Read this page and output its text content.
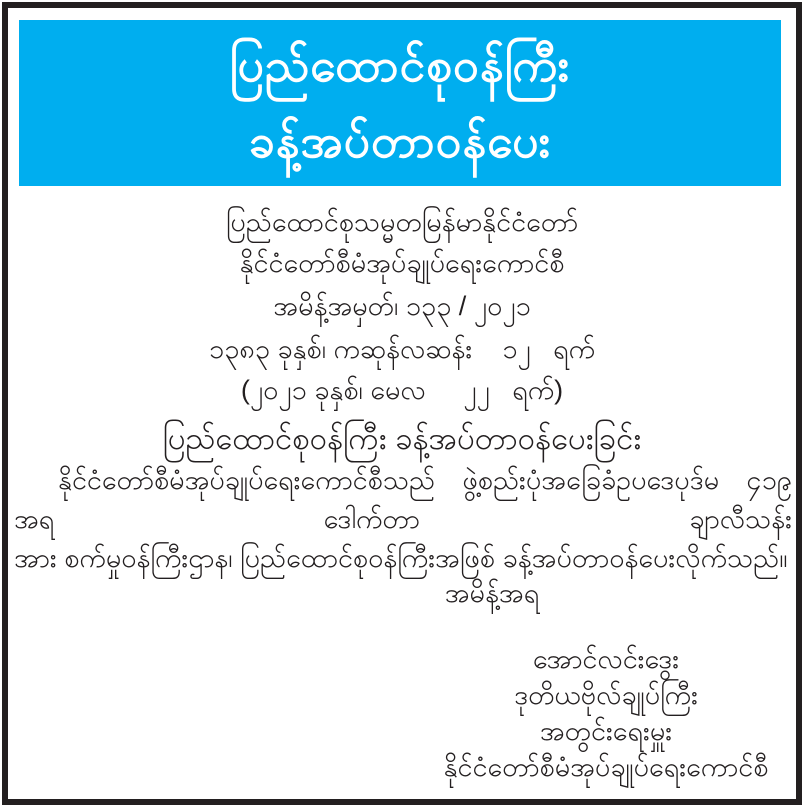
ပြည်ထောင်စုဝန်ကြီး
ခန့်အပ်တာဝန်ပေး
ပြည်ထောင်စုသမ္မတမြန်မာနိုင်ငံတော်
နိုင်ငံတော်စီမံအုပ်ချုပ်ရေးကောင်စီ
အမိန့်အမှတ်၊ ၁၃၃ / ၂၀၂၁
၁၃၈၃ ခုနှစ်၊ ကဆုန်လဆန်း    ၁၂   ရက်
(၂၀၂၁ ခုနှစ်၊ မေလ     ၂၂   ရက်)
ပြည်ထောင်စုဝန်ကြီး ခန့်အပ်တာဝန်ပေးခြင်း
နိုင်ငံတော်စီမံအုပ်ချုပ်ရေးကောင်စီသည် ဖွဲ့စည်းပုံအခြေခံဥပဒေပုဒ်မ ၄၁၉ အရ ဒေါက်တာ ချာလီသန်း
အား စက်မှုဝန်ကြီးဌာန၊ ပြည်ထောင်စုဝန်ကြီးအဖြစ် ခန့်အပ်တာဝန်ပေးလိုက်သည်။
အမိန့်အရ
အောင်လင်းဒွေး
ဒုတိယဗိုလ်ချုပ်ကြီး
အတွင်းရေးမှူး
နိုင်ငံတော်စီမံအုပ်ချုပ်ရေးကောင်စီ
